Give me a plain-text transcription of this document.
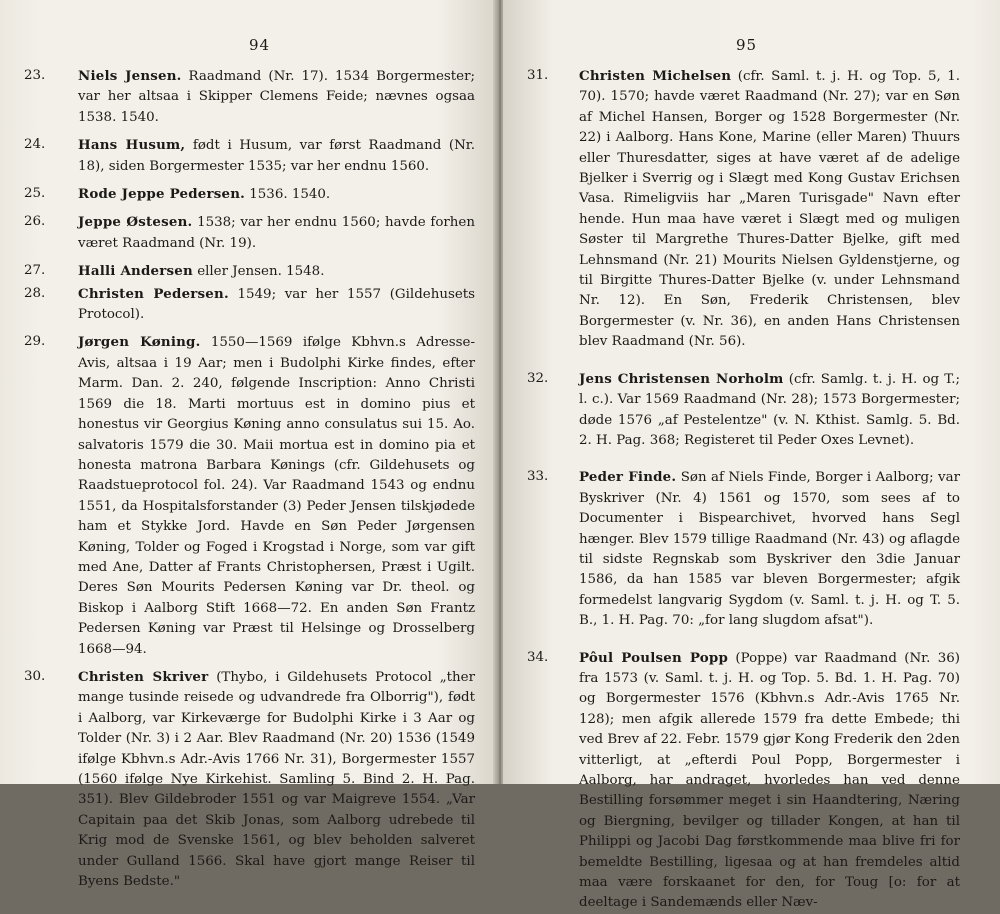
94
23. Niels Jensen. Raadmand (Nr. 17). 1534 Borgermester; var her altsaa i Skipper Clemens Feide; nævnes ogsaa 1538. 1540.
24. Hans Husum, født i Husum, var først Raadmand (Nr. 18), siden Borgermester 1535; var her endnu 1560.
25. Rode Jeppe Pedersen. 1536. 1540.
26. Jeppe Østesen. 1538; var her endnu 1560; havde forhen været Raadmand (Nr. 19).
27. Halli Andersen eller Jensen. 1548.
28. Christen Pedersen. 1549; var her 1557 (Gildehusets Protocol).
29. Jørgen Køning. 1550—1569 ifølge Kbhvn.s Adresse-Avis, altsaa i 19 Aar; men i Budolphi Kirke findes, efter Marm. Dan. 2. 240, følgende Inscription: Anno Christi 1569 die 18. Marti mortuus est in domino pius et honestus vir Georgius Køning anno consulatus sui 15. Ao. salvatoris 1579 die 30. Maii mortua est in domino pia et honesta matrona Barbara Kønings (cfr. Gildehusets og Raadstueprotocol fol. 24). Var Raadmand 1543 og endnu 1551, da Hospitalsforstander (3) Peder Jensen tilskjødede ham et Stykke Jord. Havde en Søn Peder Jørgensen Køning, Tolder og Foged i Krogstad i Norge, som var gift med Ane, Datter af Frants Christophersen, Præst i Ugilt. Deres Søn Mourits Pedersen Køning var Dr. theol. og Biskop i Aalborg Stift 1668—72. En anden Søn Frantz Pedersen Køning var Præst til Helsinge og Drosselberg 1668—94.
30. Christen Skriver (Thybo, i Gildehusets Protocol „ther mange tusinde reisede og udvandrede fra Olborrig"), født i Aalborg, var Kirkeværge for Budolphi Kirke i 3 Aar og Tolder (Nr. 3) i 2 Aar. Blev Raadmand (Nr. 20) 1536 (1549 ifølge Kbhvn.s Adr.-Avis 1766 Nr. 31), Borgermester 1557 (1560 ifølge Nye Kirkehist. Samling 5. Bind 2. H. Pag. 351). Blev Gildebroder 1551 og var Maigreve 1554. „Var Capitain paa det Skib Jonas, som Aalborg udrebede til Krig mod de Svenske 1561, og blev beholden salveret under Gulland 1566. Skal have gjort mange Reiser til Byens Bedste."
95
31. Christen Michelsen (cfr. Saml. t. j. H. og Top. 5, 1. 70). 1570; havde været Raadmand (Nr. 27); var en Søn af Michel Hansen, Borger og 1528 Borgermester (Nr. 22) i Aalborg. Hans Kone, Marine (eller Maren) Thuurs eller Thuresdatter, siges at have været af de adelige Bjelker i Sverrig og i Slægt med Kong Gustav Erichsen Vasa. Rimeligviis har „Maren Turisgade" Navn efter hende. Hun maa have været i Slægt med og muligen Søster til Margrethe Thures-Datter Bjelke, gift med Lehnsmand (Nr. 21) Mourits Nielsen Gyldenstjerne, og til Birgitte Thures-Datter Bjelke (v. under Lehnsmand Nr. 12). En Søn, Frederik Christensen, blev Borgermester (v. Nr. 36), en anden Hans Christensen blev Raadmand (Nr. 56).
32. Jens Christensen Norholm (cfr. Samlg. t. j. H. og T.; l. c.). Var 1569 Raadmand (Nr. 28); 1573 Borgermester; døde 1576 „af Pestelentze" (v. N. Kthist. Samlg. 5. Bd. 2. H. Pag. 368; Registeret til Peder Oxes Levnet).
33. Peder Finde. Søn af Niels Finde, Borger i Aalborg; var Byskriver (Nr. 4) 1561 og 1570, som sees af to Documenter i Bispearchivet, hvorved hans Segl hænger. Blev 1579 tillige Raadmand (Nr. 43) og aflagde til sidste Regnskab som Byskriver den 3die Januar 1586, da han 1585 var bleven Borgermester; afgik formedelst langvarig Sygdom (v. Saml. t. j. H. og T. 5. B., 1. H. Pag. 70: „for lang slugdom afsat").
34. Pôul Poulsen Popp (Poppe) var Raadmand (Nr. 36) fra 1573 (v. Saml. t. j. H. og Top. 5. Bd. 1. H. Pag. 70) og Borgermester 1576 (Kbhvn.s Adr.-Avis 1765 Nr. 128); men afgik allerede 1579 fra dette Embede; thi ved Brev af 22. Febr. 1579 gjør Kong Frederik den 2den vitterligt, at „efterdi Poul Popp, Borgermester i Aalborg, har andraget, hvorledes han ved denne Bestilling forsømmer meget i sin Haandtering, Næring og Biergning, bevilger og tillader Kongen, at han til Philippi og Jacobi Dag førstkommende maa blive fri for bemeldte Bestilling, ligesaa og at han fremdeles altid maa være forskaanet for den, for Toug [o: for at deeltage i Sandemænds eller Næv-
